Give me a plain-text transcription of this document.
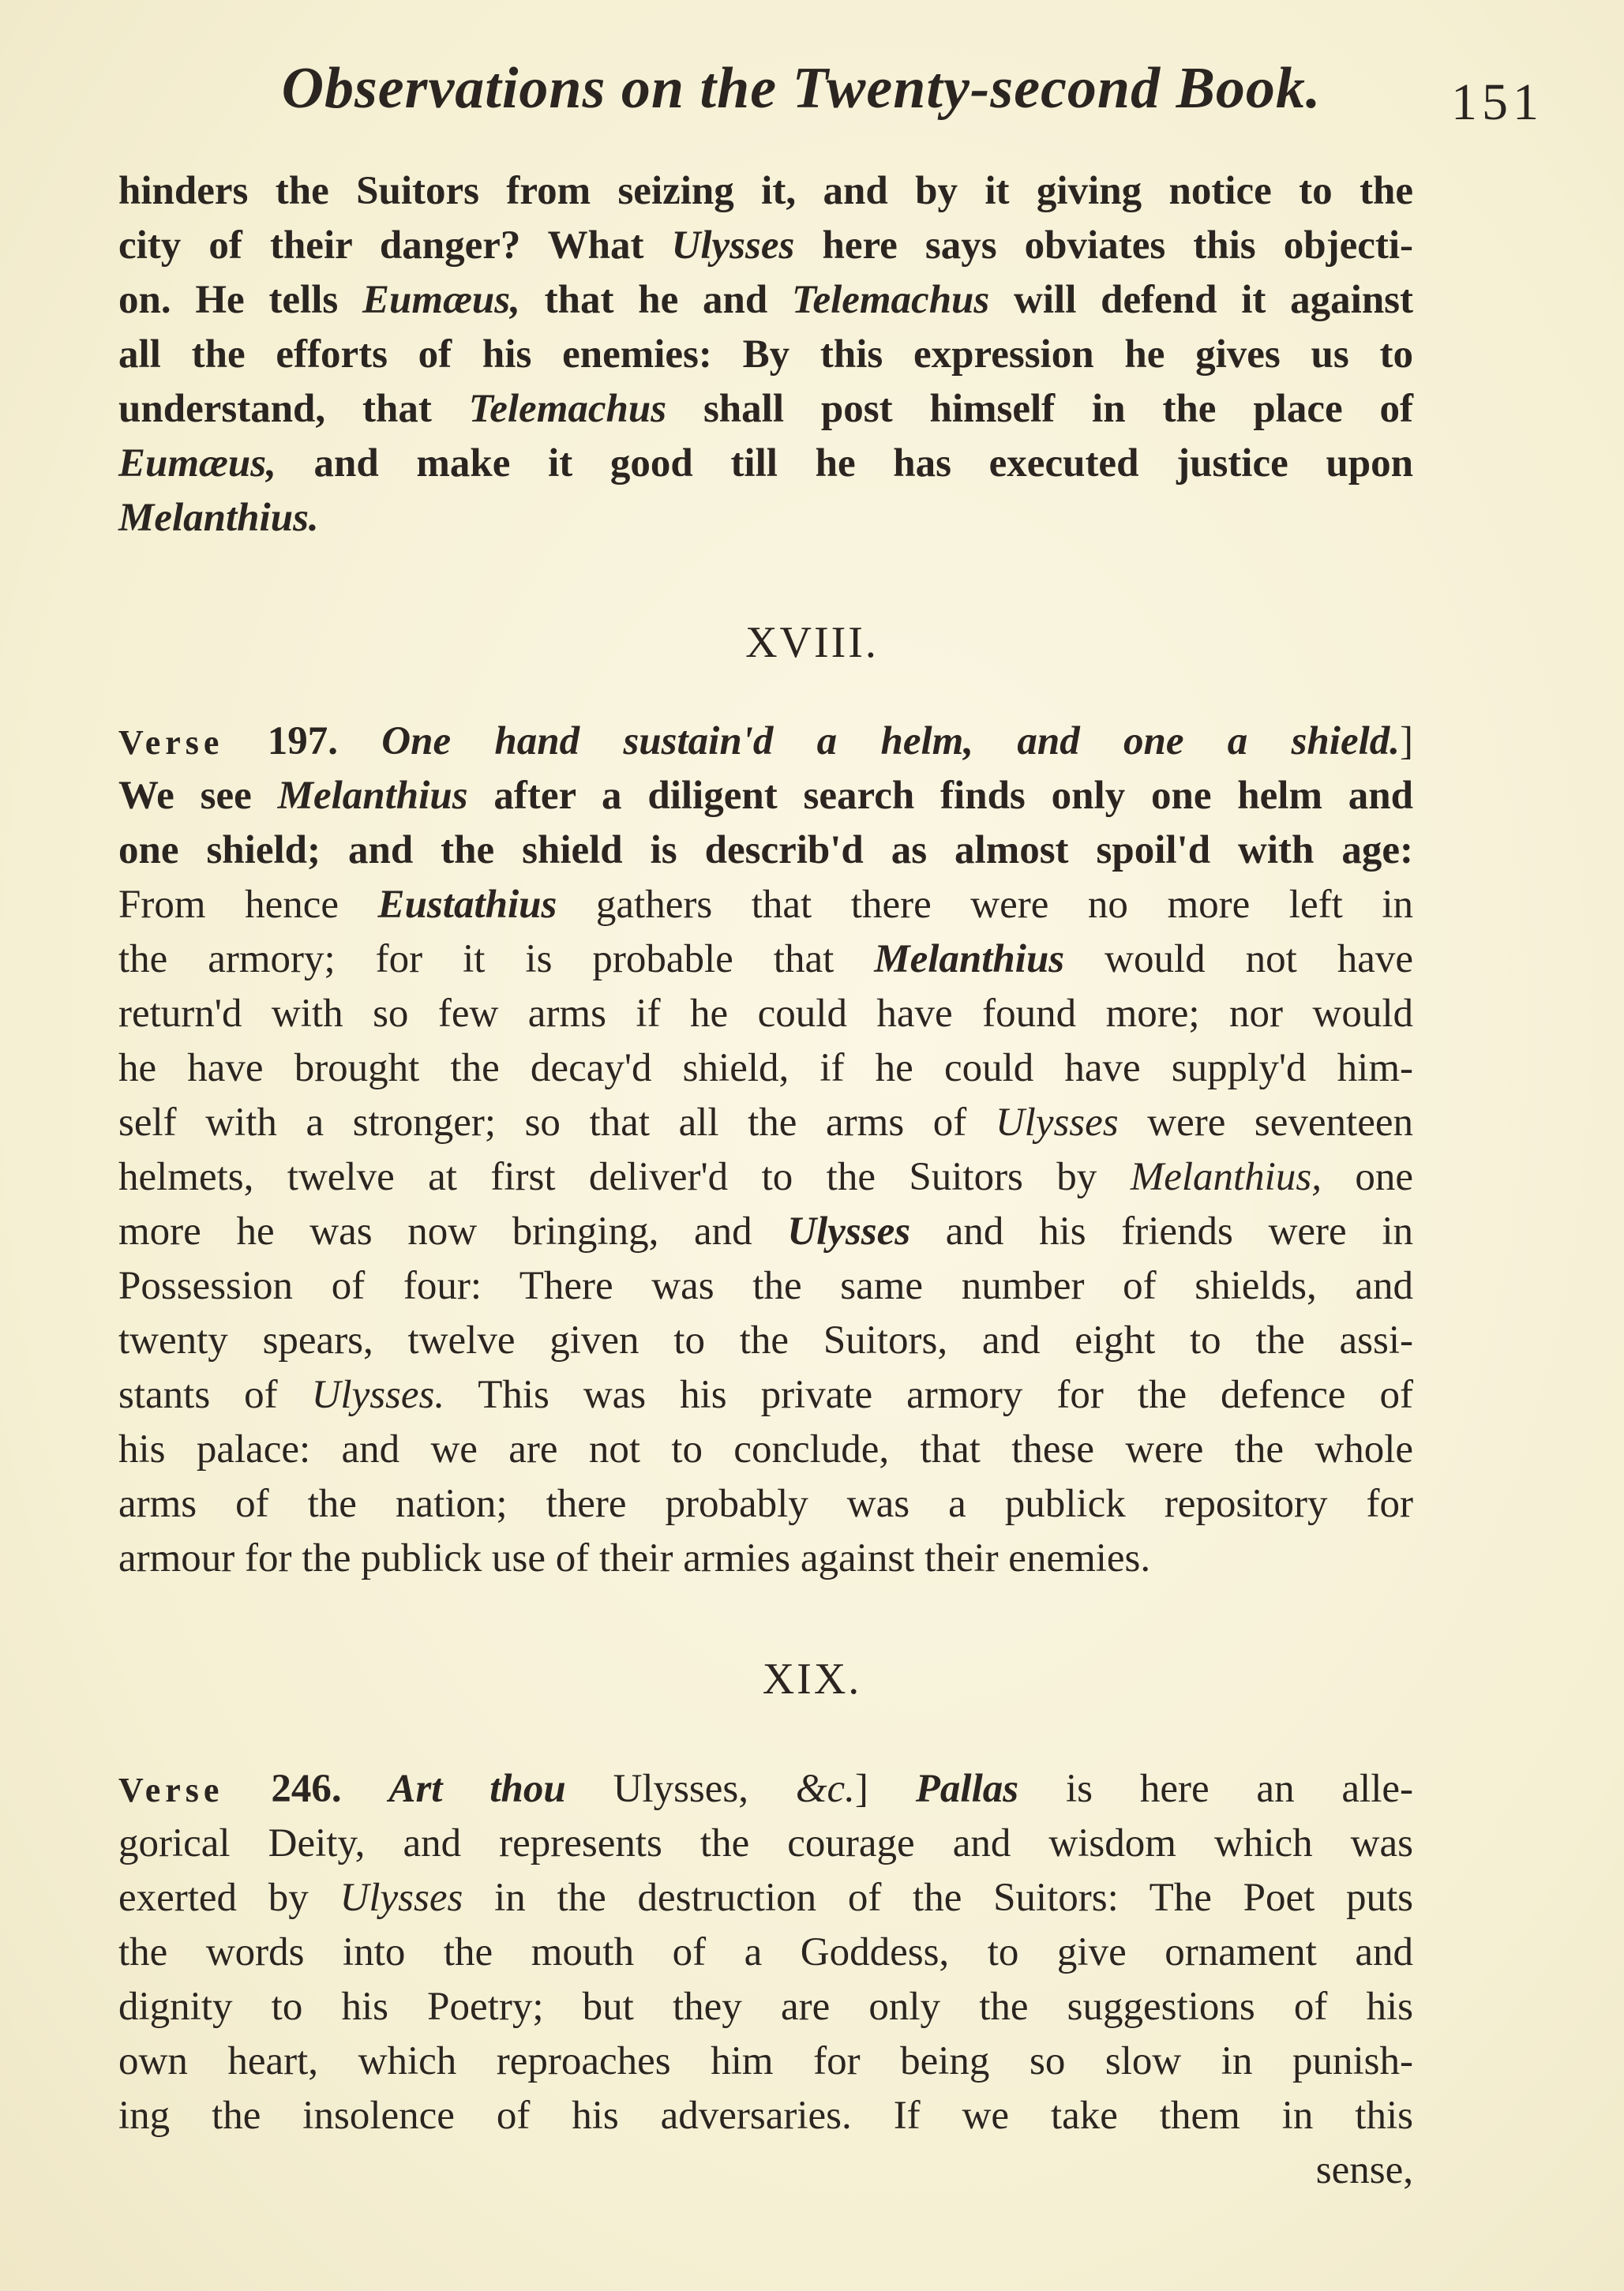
Observations on the Twenty-second Book. 151
hinders the Suitors from seizing it, and by it giving notice to the
city of their danger? What Ulysses here says obviates this objecti-
on. He tells Eumæus, that he and Telemachus will defend it against
all the efforts of his enemies: By this expression he gives us to
understand, that Telemachus shall post himself in the place of
Eumæus, and make it good till he has executed justice upon
Melanthius.
XVIII.
Verse 197. One hand sustain'd a helm, and one a shield.]
We see Melanthius after a diligent search finds only one helm and
one shield; and the shield is describ'd as almost spoil'd with age:
From hence Eustathius gathers that there were no more left in
the armory; for it is probable that Melanthius would not have
return'd with so few arms if he could have found more; nor would
he have brought the decay'd shield, if he could have supply'd him-
self with a stronger; so that all the arms of Ulysses were seventeen
helmets, twelve at first deliver'd to the Suitors by Melanthius, one
more he was now bringing, and Ulysses and his friends were in
Possession of four: There was the same number of shields, and
twenty spears, twelve given to the Suitors, and eight to the assi-
stants of Ulysses. This was his private armory for the defence of
his palace: and we are not to conclude, that these were the whole
arms of the nation; there probably was a publick repository for
armour for the publick use of their armies against their enemies.
XIX.
Verse 246. Art thou Ulysses, &c.] Pallas is here an alle-
gorical Deity, and represents the courage and wisdom which was
exerted by Ulysses in the destruction of the Suitors: The Poet puts
the words into the mouth of a Goddess, to give ornament and
dignity to his Poetry; but they are only the suggestions of his
own heart, which reproaches him for being so slow in punish-
ing the insolence of his adversaries. If we take them in this
sense,
